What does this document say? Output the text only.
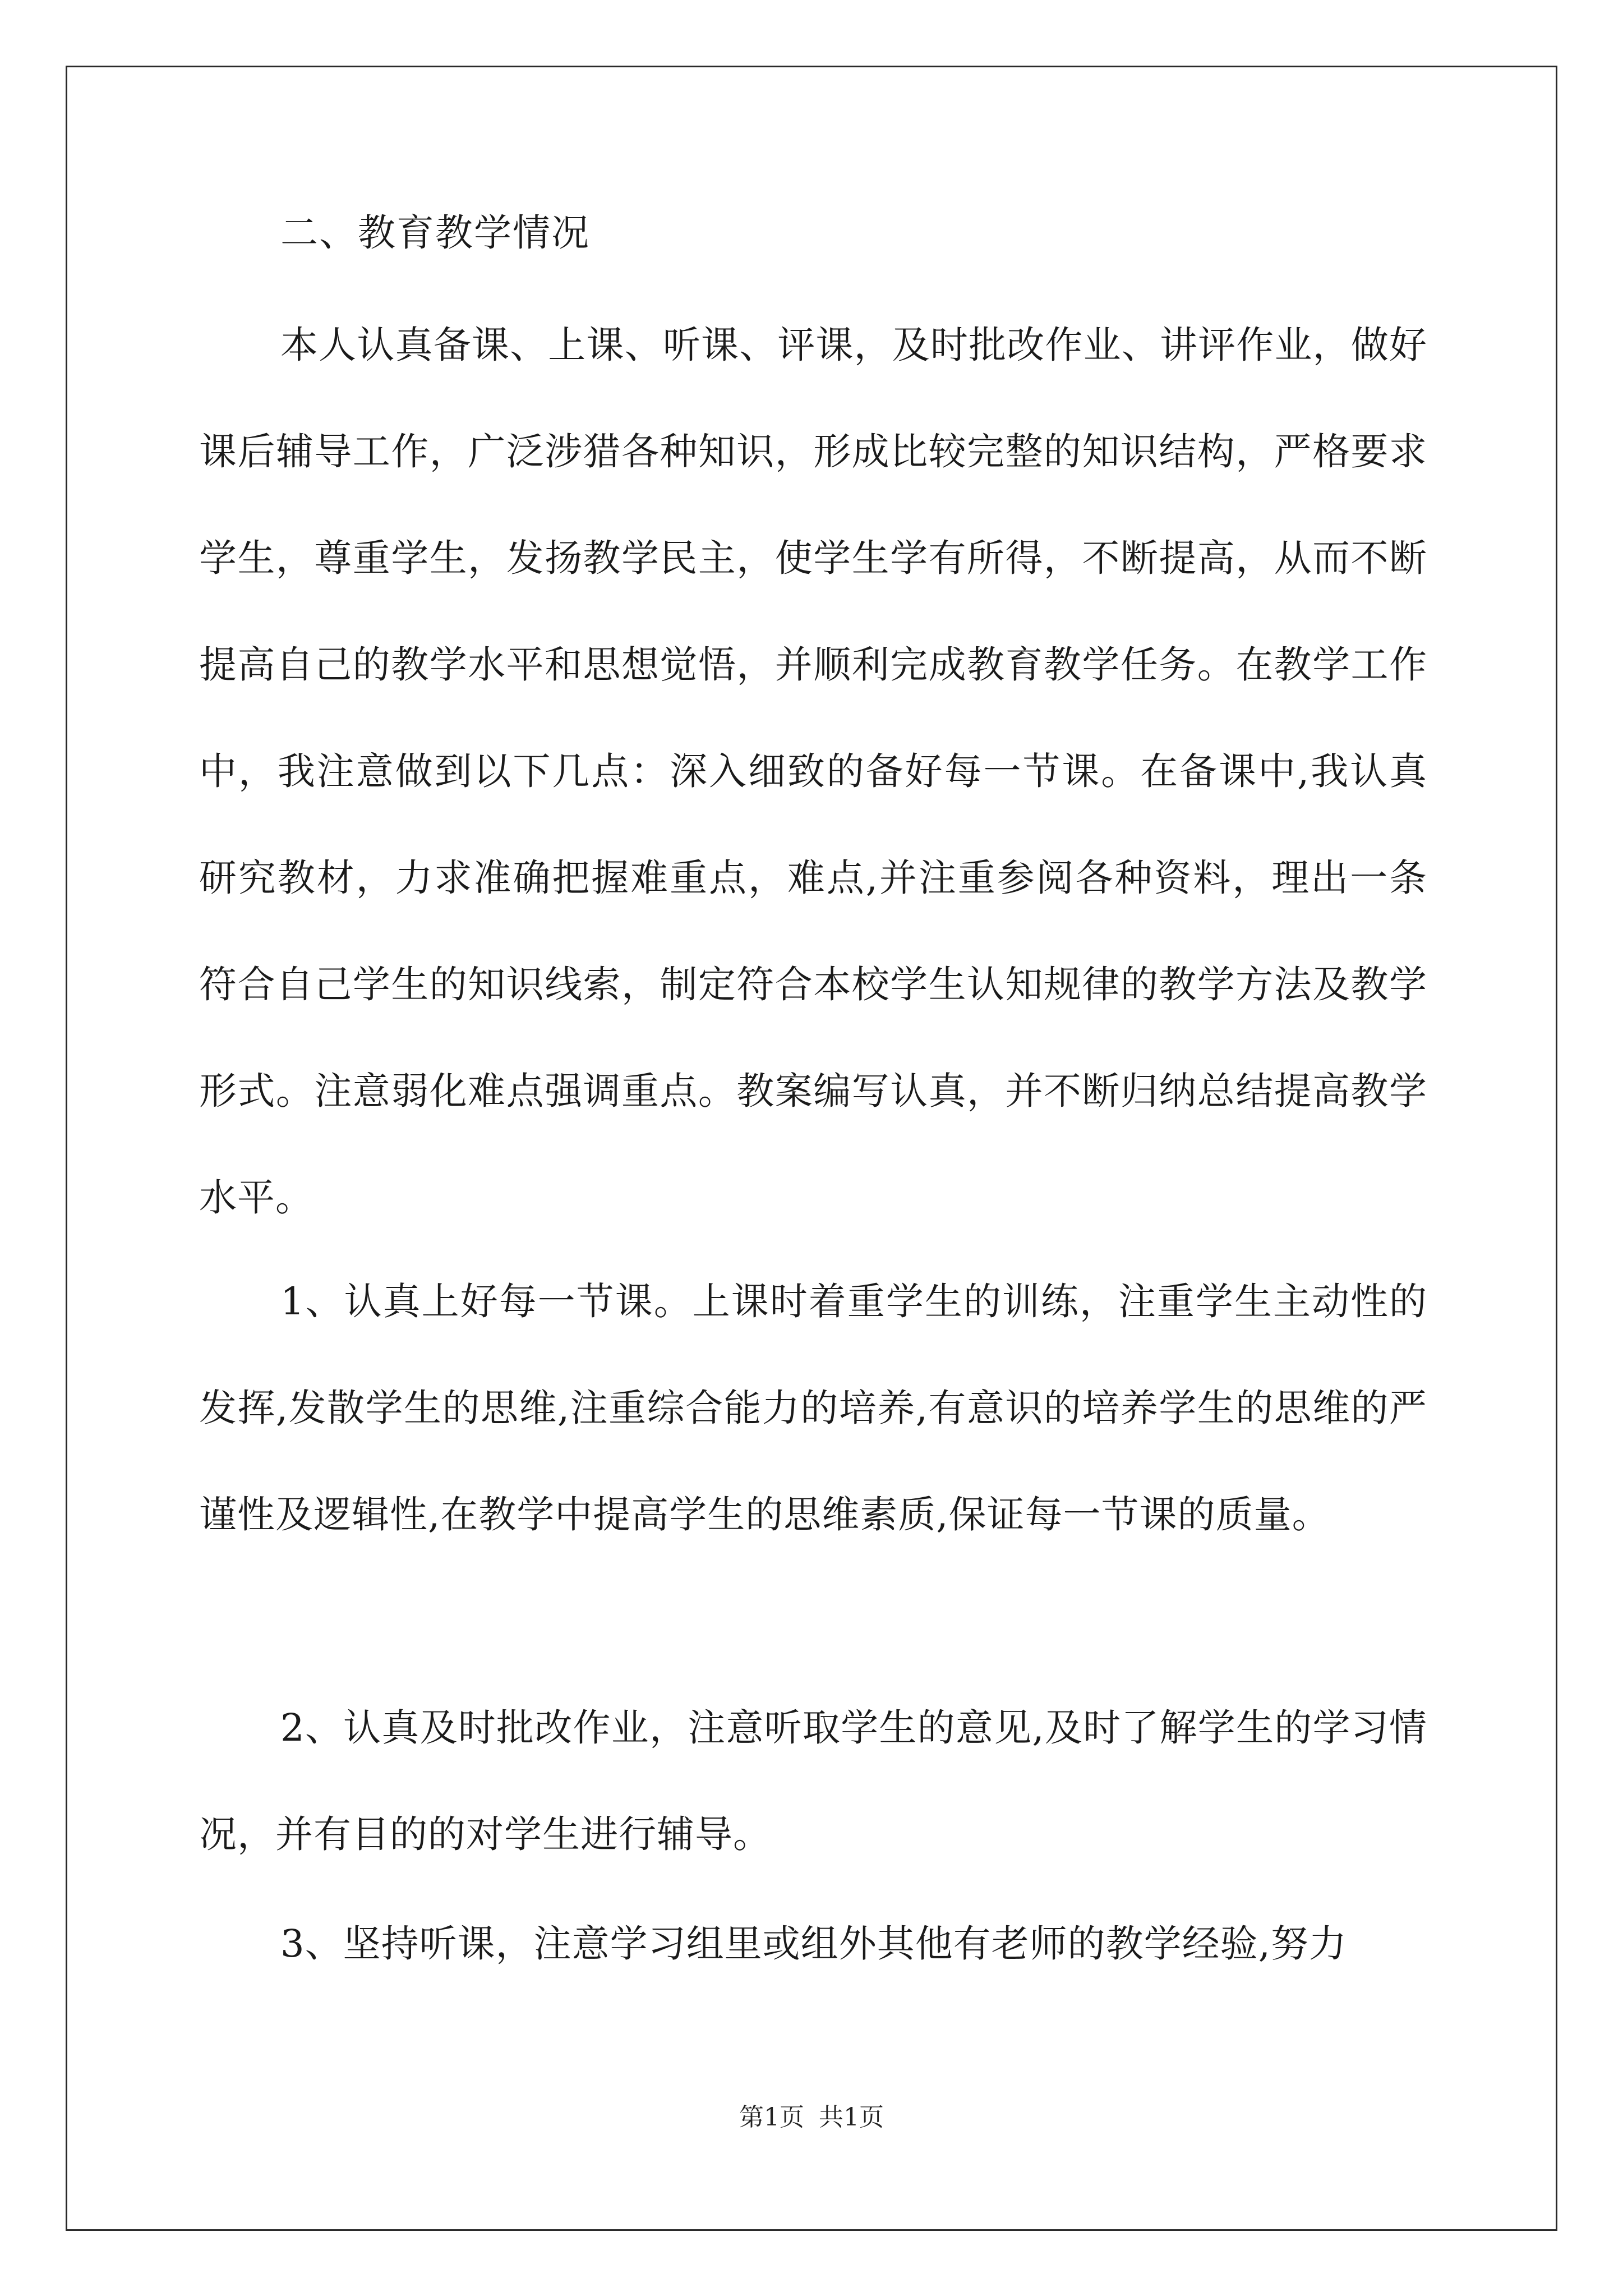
二、教育教学情况

本人认真备课、上课、听课、评课，及时批改作业、讲评作业，做好课后辅导工作，广泛涉猎各种知识，形成比较完整的知识结构，严格要求学生，尊重学生，发扬教学民主，使学生学有所得，不断提高，从而不断提高自己的教学水平和思想觉悟，并顺利完成教育教学任务。在教学工作中，我注意做到以下几点：深入细致的备好每一节课。在备课中,我认真研究教材，力求准确把握难重点，难点,并注重参阅各种资料，理出一条符合自己学生的知识线索，制定符合本校学生认知规律的教学方法及教学形式。注意弱化难点强调重点。教案编写认真，并不断归纳总结提高教学水平。

1、认真上好每一节课。上课时着重学生的训练，注重学生主动性的发挥,发散学生的思维,注重综合能力的培养,有意识的培养学生的思维的严谨性及逻辑性,在教学中提高学生的思维素质,保证每一节课的质量。

2、认真及时批改作业，注意听取学生的意见,及时了解学生的学习情况，并有目的的对学生进行辅导。

3、坚持听课，注意学习组里或组外其他有老师的教学经验,努力

第1页 共1页
